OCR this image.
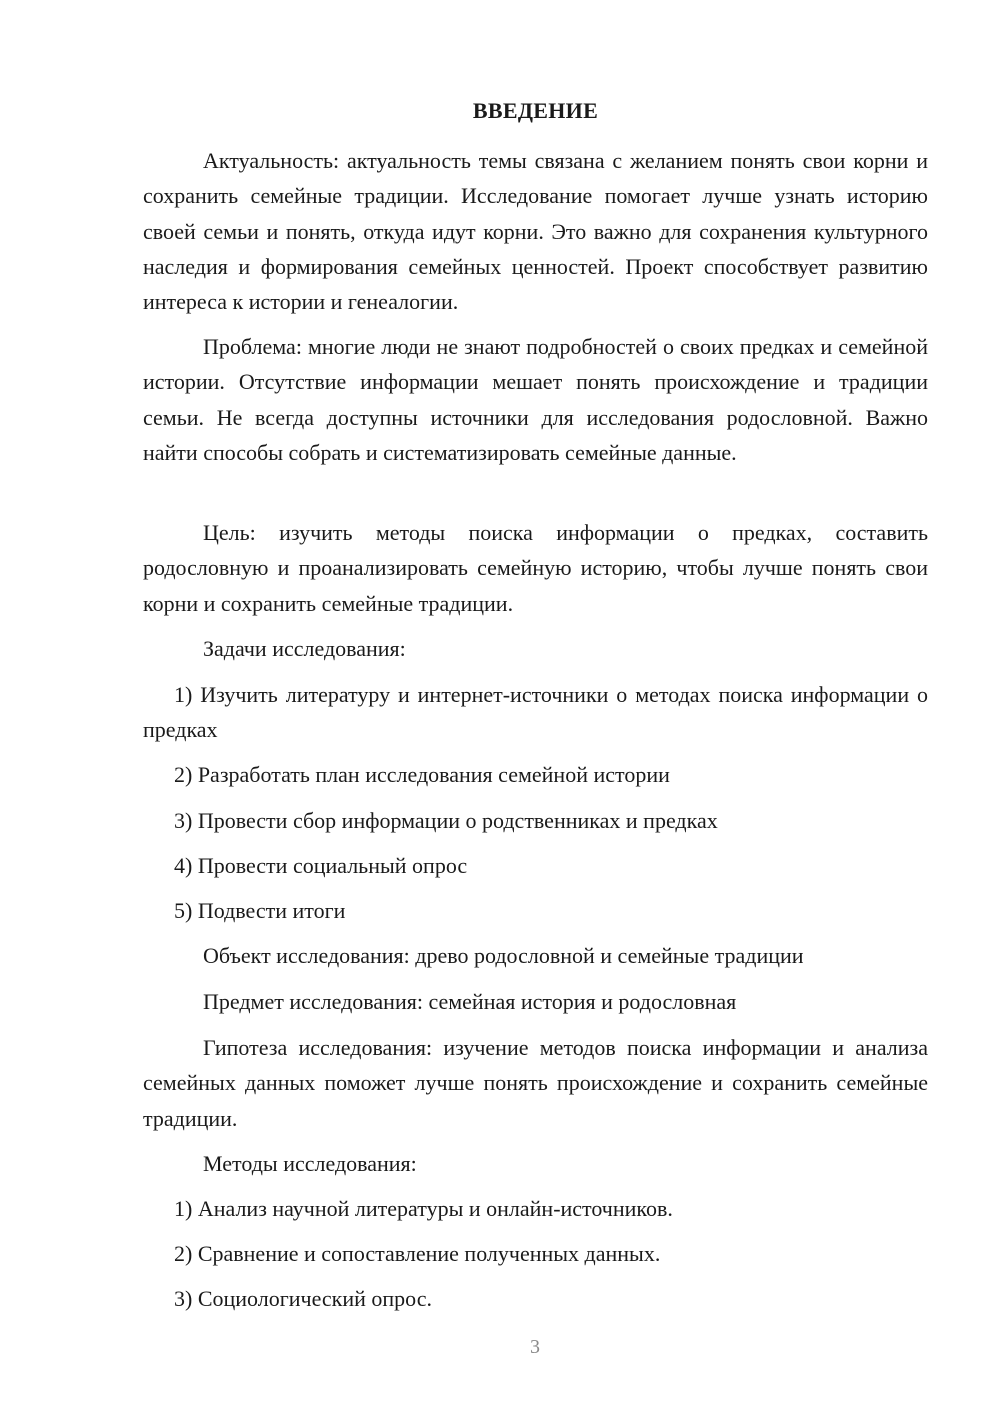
ВВЕДЕНИЕ

Актуальность: актуальность темы связана с желанием понять свои корни и сохранить семейные традиции. Исследование помогает лучше узнать историю своей семьи и понять, откуда идут корни. Это важно для сохранения культурного наследия и формирования семейных ценностей. Проект способствует развитию интереса к истории и генеалогии.

Проблема: многие люди не знают подробностей о своих предках и семейной истории. Отсутствие информации мешает понять происхождение и традиции семьи. Не всегда доступны источники для исследования родословной. Важно найти способы собрать и систематизировать семейные данные.

Цель: изучить методы поиска информации о предках, составить родословную и проанализировать семейную историю, чтобы лучше понять свои корни и сохранить семейные традиции.

Задачи исследования:

1) Изучить литературу и интернет-источники о методах поиска информации о предках

2) Разработать план исследования семейной истории

3) Провести сбор информации о родственниках и предках

4) Провести социальный опрос

5) Подвести итоги

Объект исследования: древо родословной и семейные традиции

Предмет исследования: семейная история и родословная

Гипотеза исследования: изучение методов поиска информации и анализа семейных данных поможет лучше понять происхождение и сохранить семейные традиции.

Методы исследования:

1) Анализ научной литературы и онлайн-источников.

2) Сравнение и сопоставление полученных данных.

3) Социологический опрос.

3
